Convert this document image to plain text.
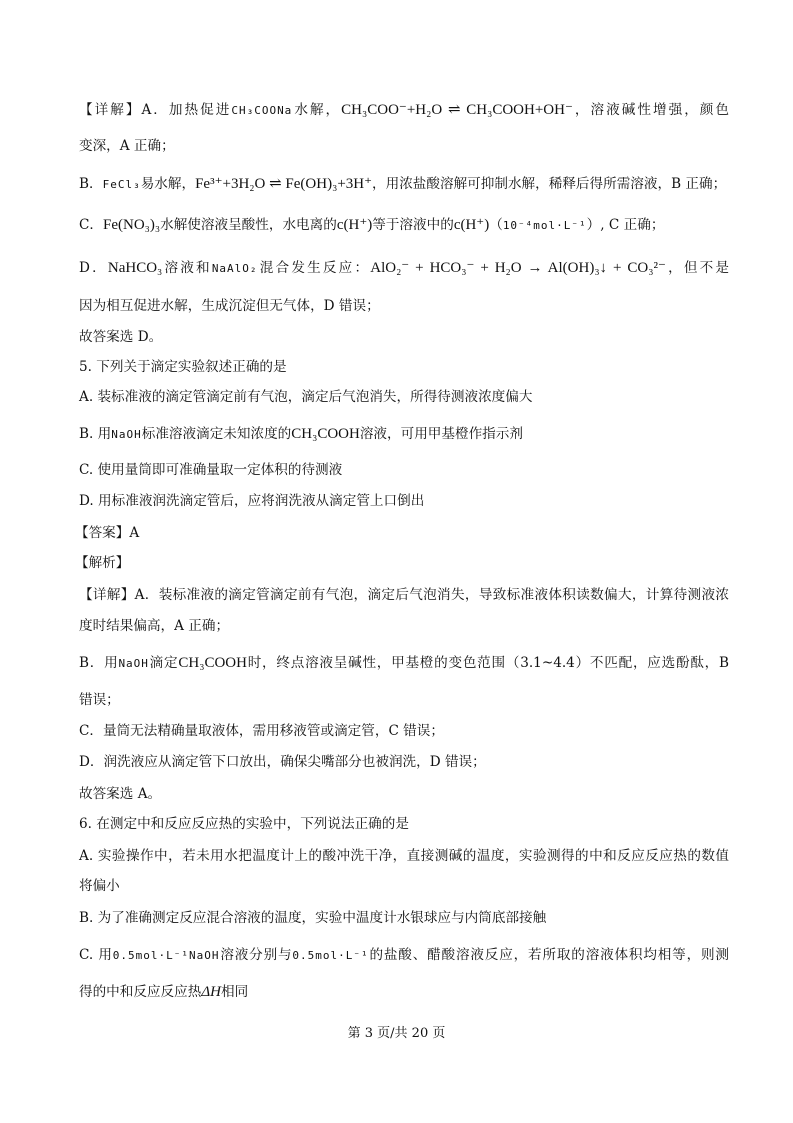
【详解】A．加热促进CH₃COONa水解，CH₃COO⁻+H₂O ⇌ CH₃COOH+OH⁻，溶液碱性增强，颜色
变深，A 正确；
B．FeCl₃易水解，Fe³⁺+3H₂O ⇌ Fe(OH)₃+3H⁺，用浓盐酸溶解可抑制水解，稀释后得所需溶液，B 正确；
C．Fe(NO₃)₃水解使溶液呈酸性，水电离的c(H⁺)等于溶液中的c(H⁺)（10⁻⁴mol·L⁻¹）, C 正确；
D．NaHCO₃溶液和NaAlO₂混合发生反应：AlO₂⁻ + HCO₃⁻ + H₂O → Al(OH)₃↓ + CO₃²⁻，但不是
因为相互促进水解，生成沉淀但无气体，D 错误；
故答案选 D。
5. 下列关于滴定实验叙述正确的是
A. 装标准液的滴定管滴定前有气泡，滴定后气泡消失，所得待测液浓度偏大
B. 用NaOH标准溶液滴定未知浓度的CH₃COOH溶液，可用甲基橙作指示剂
C. 使用量筒即可准确量取一定体积的待测液
D. 用标准液润洗滴定管后，应将润洗液从滴定管上口倒出
【答案】A
【解析】
【详解】A．装标准液的滴定管滴定前有气泡，滴定后气泡消失，导致标准液体积读数偏大，计算待测液浓
度时结果偏高，A 正确；
B．用NaOH滴定CH₃COOH时，终点溶液呈碱性，甲基橙的变色范围（3.1~4.4）不匹配，应选酚酞，B
错误；
C．量筒无法精确量取液体，需用移液管或滴定管，C 错误；
D．润洗液应从滴定管下口放出，确保尖嘴部分也被润洗，D 错误；
故答案选 A。
6. 在测定中和反应反应热的实验中，下列说法正确的是
A. 实验操作中，若未用水把温度计上的酸冲洗干净，直接测碱的温度，实验测得的中和反应反应热的数值
将偏小
B. 为了准确测定反应混合溶液的温度，实验中温度计水银球应与内筒底部接触
C. 用0.5mol·L⁻¹NaOH溶液分别与0.5mol·L⁻¹的盐酸、醋酸溶液反应，若所取的溶液体积均相等，则测
得的中和反应反应热ΔH相同
第 3 页/共 20 页
